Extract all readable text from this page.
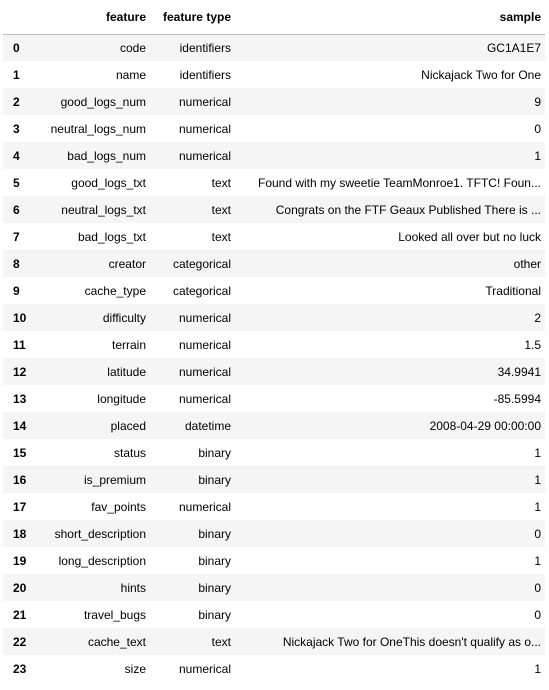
	feature	feature type	sample
0	code	identifiers	GC1A1E7
1	name	identifiers	Nickajack Two for One
2	good_logs_num	numerical	9
3	neutral_logs_num	numerical	0
4	bad_logs_num	numerical	1
5	good_logs_txt	text	Found with my sweetie TeamMonroe1. TFTC! Foun...
6	neutral_logs_txt	text	Congrats on the FTF Geaux Published There is ...
7	bad_logs_txt	text	Looked all over but no luck
8	creator	categorical	other
9	cache_type	categorical	Traditional
10	difficulty	numerical	2
11	terrain	numerical	1.5
12	latitude	numerical	34.9941
13	longitude	numerical	-85.5994
14	placed	datetime	2008-04-29 00:00:00
15	status	binary	1
16	is_premium	binary	1
17	fav_points	numerical	1
18	short_description	binary	0
19	long_description	binary	1
20	hints	binary	0
21	travel_bugs	binary	0
22	cache_text	text	Nickajack Two for OneThis doesn't qualify as o...
23	size	numerical	1
